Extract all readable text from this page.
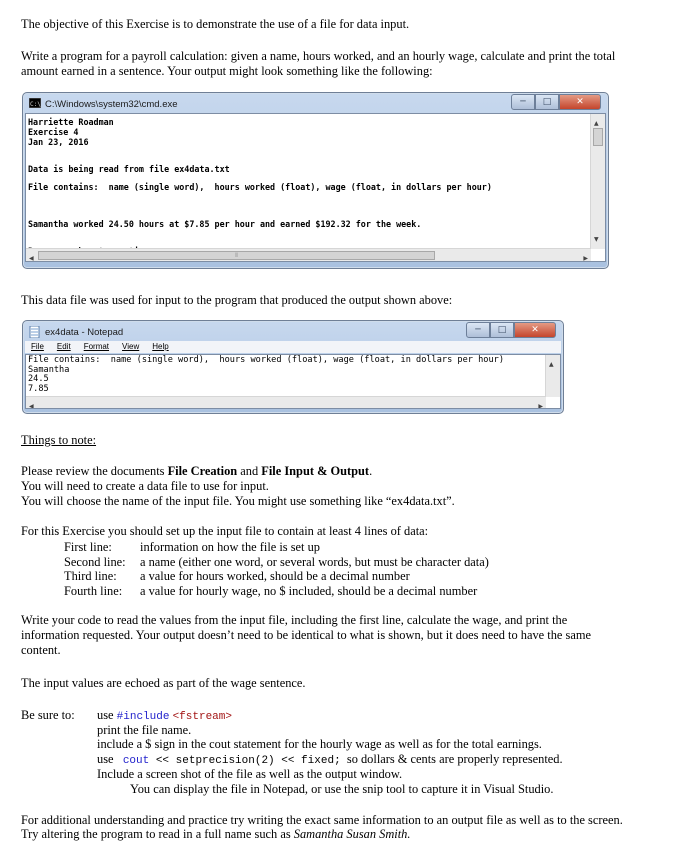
The objective of this Exercise is to demonstrate the use of a file for data input.
Write a program for a payroll calculation: given a name, hours worked, and an hourly wage, calculate and print the total amount earned in a sentence. Your output might look something like the following:
C:\ C:\Windows\system32\cmd.exe	─	□	✕
Harriette Roadman
Exercise 4
Jan 23, 2016
Data is being read from file ex4data.txt
File contains:  name (single word),  hours worked (float), wage (float, in dollars per hour)
Samantha worked 24.50 hours at $7.85 per hour and earned $192.32 for the week.
▲
▼
◀	|||	▶
This data file was used for input to the program that produced the output shown above:
ex4data - Notepad	─	□	✕
File Edit Format View Help
File contains:  name (single word),  hours worked (float), wage (float, in dollars per hour)
Samantha
24.5
7.85
▲
◀	▶
Things to note:
Please review the documents File Creation and File Input & Output.
You will need to create a data file to use for input.
You will choose the name of the input file. You might use something like “ex4data.txt”.
For this Exercise you should set up the input file to contain at least 4 lines of data:
First line:	information on how the file is set up
Second line:	a name (either one word, or several words, but must be character data)
Third line:	a value for hours worked, should be a decimal number
Fourth line:	a value for hourly wage, no $ included, should be a decimal number
Write your code to read the values from the input file, including the first line, calculate the wage, and print the information requested. Your output doesn’t need to be identical to what is shown, but it does need to have the same content.
The input values are echoed as part of the wage sentence.
Be sure to: use #include <fstream>
print the file name.
include a $ sign in the cout statement for the hourly wage as well as for the total earnings.
use cout << setprecision(2) << fixed; so dollars & cents are properly represented.
Include a screen shot of the file as well as the output window.
You can display the file in Notepad, or use the snip tool to capture it in Visual Studio.
For additional understanding and practice try writing the exact same information to an output file as well as to the screen.
Try altering the program to read in a full name such as Samantha Susan Smith.
